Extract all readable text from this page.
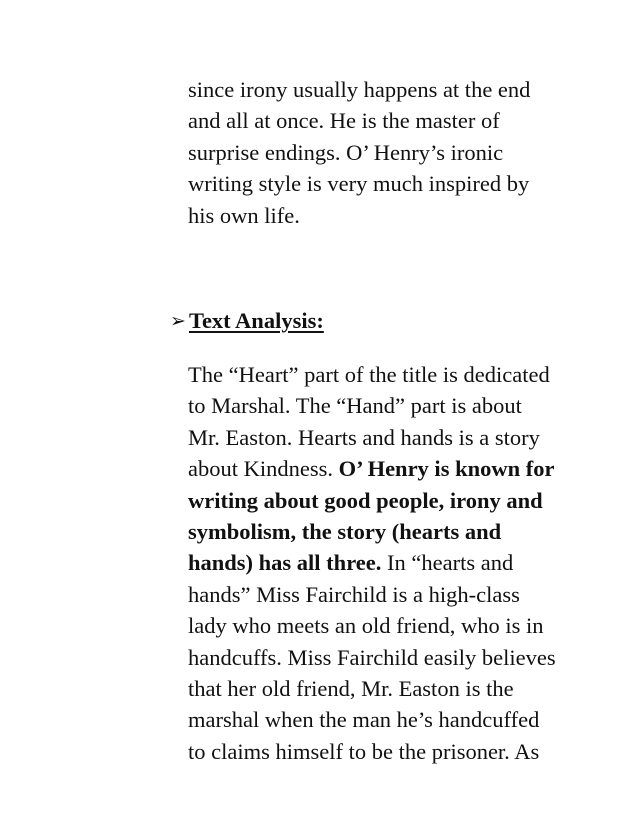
since irony usually happens at the end
and all at once. He is the master of
surprise endings. O’ Henry’s ironic
writing style is very much inspired by
his own life.
➢ Text Analysis:
The “Heart” part of the title is dedicated
to Marshal. The “Hand” part is about
Mr. Easton. Hearts and hands is a story
about Kindness. O’ Henry is known for
writing about good people, irony and
symbolism, the story (hearts and
hands) has all three. In “hearts and
hands” Miss Fairchild is a high-class
lady who meets an old friend, who is in
handcuffs. Miss Fairchild easily believes
that her old friend, Mr. Easton is the
marshal when the man he’s handcuffed
to claims himself to be the prisoner. As
